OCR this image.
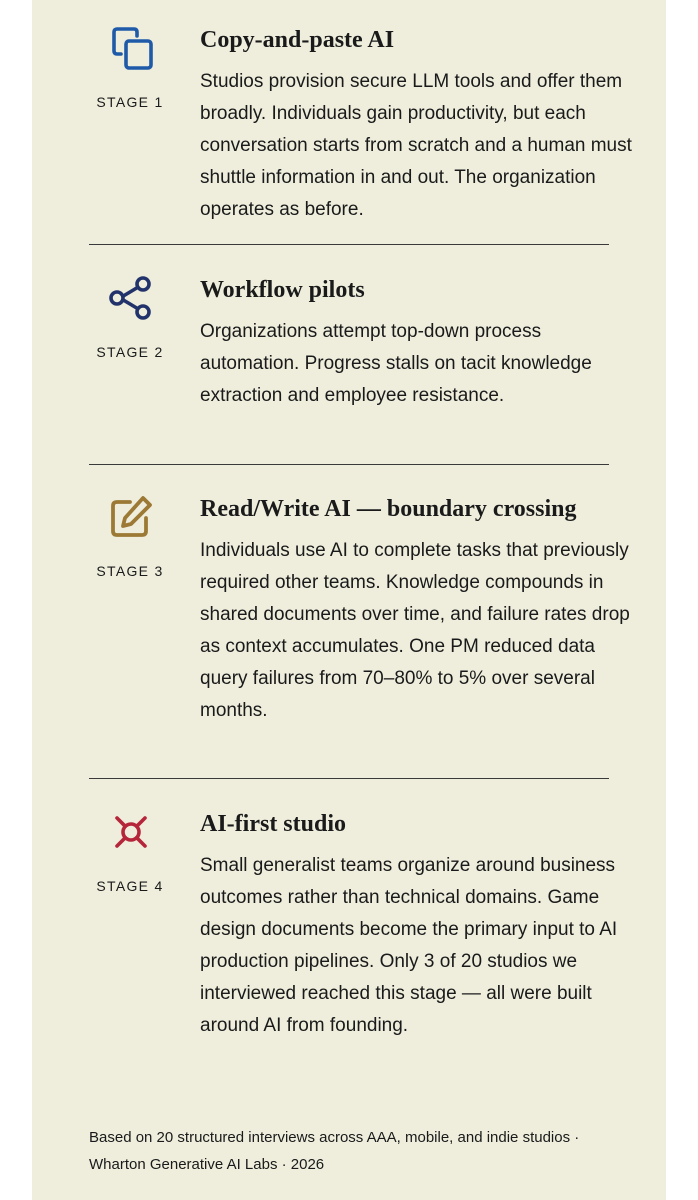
STAGE 1
Copy-and-paste AI

Studios provision secure LLM tools and offer them broadly. Individuals gain productivity, but each conversation starts from scratch and a human must shuttle information in and out. The organization operates as before.

STAGE 2
Workflow pilots

Organizations attempt top-down process automation. Progress stalls on tacit knowledge extraction and employee resistance.

STAGE 3
Read/Write AI — boundary crossing

Individuals use AI to complete tasks that previously required other teams. Knowledge compounds in shared documents over time, and failure rates drop as context accumulates. One PM reduced data query failures from 70–80% to 5% over several months.

STAGE 4
AI-first studio

Small generalist teams organize around business outcomes rather than technical domains. Game design documents become the primary input to AI production pipelines. Only 3 of 20 studios we interviewed reached this stage — all were built around AI from founding.

Based on 20 structured interviews across AAA, mobile, and indie studios · Wharton Generative AI Labs · 2026
